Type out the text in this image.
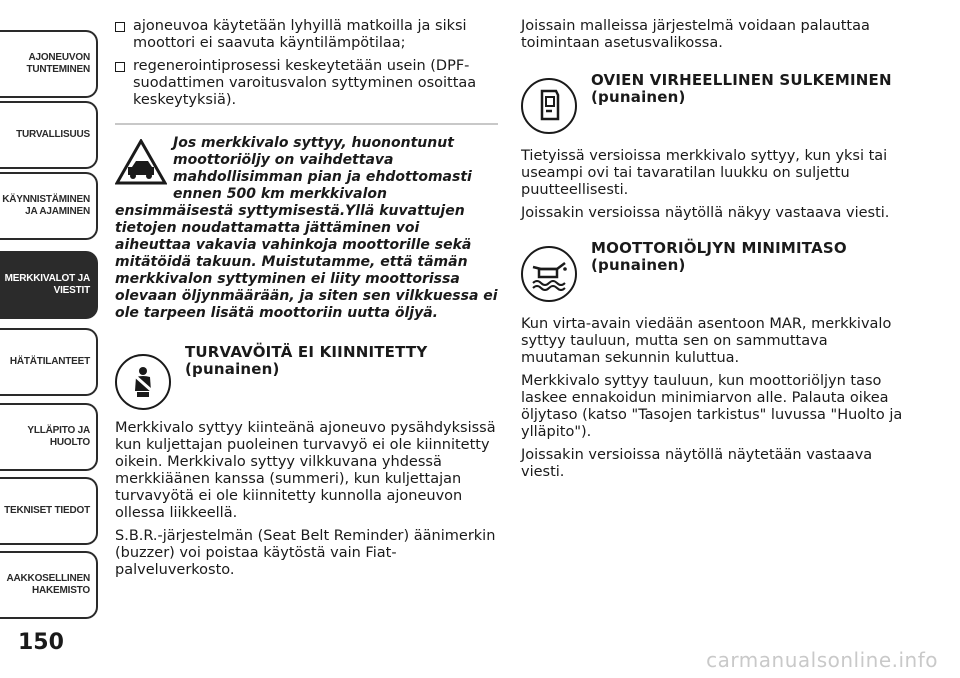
AJONEUVON
TUNTEMINEN
TURVALLISUUS
KÄYNNISTÄMINEN
JA AJAMINEN
MERKKIVALOT JA
VIESTIT
HÄTÄTILANTEET
YLLÄPITO JA HUOLTO
TEKNISET TIEDOT
AAKKOSELLINEN
HAKEMISTO
150
ajoneuvoa käytetään lyhyillä matkoilla ja siksi moottori ei saavuta käyntilämpötilaa;
regenerointiprosessi keskeytetään usein (DPF-suodattimen varoitusvalon syttyminen osoittaa keskeytyksiä).
Jos merkkivalo syttyy, huonontunut moottoriöljy on vaihdettava mahdollisimman pian ja ehdottomasti ennen 500 km merkkivalon ensimmäisestä syttymisestä.Yllä kuvattujen tietojen noudattamatta jättäminen voi aiheuttaa vakavia vahinkoja moottorille sekä mitätöidä takuun. Muistutamme, että tämän merkkivalon syttyminen ei liity moottorissa olevaan öljynmäärään, ja siten sen vilkkuessa ei ole tarpeen lisätä moottoriin uutta öljyä.
TURVAVÖITÄ EI KIINNITETTY (punainen)

Merkkivalo syttyy kiinteänä ajoneuvo pysähdyksissä kun kuljettajan puoleinen turvavyö ei ole kiinnitetty oikein. Merkkivalo syttyy vilkkuvana yhdessä merkkiäänen kanssa (summeri), kun kuljettajan turvavyötä ei ole kiinnitetty kunnolla ajoneuvon ollessa liikkeellä.

S.B.R.-järjestelmän (Seat Belt Reminder) äänimerkin (buzzer) voi poistaa käytöstä vain Fiat-palveluverkosto.

Joissain malleissa järjestelmä voidaan palauttaa toimintaan asetusvalikossa.

OVIEN VIRHEELLINEN SULKEMINEN (punainen)

Tietyissä versioissa merkkivalo syttyy, kun yksi tai useampi ovi tai tavaratilan luukku on suljettu puutteellisesti.

Joissakin versioissa näytöllä näkyy vastaava viesti.

MOOTTORIÖLJYN MINIMITASO (punainen)

Kun virta-avain viedään asentoon MAR, merkkivalo syttyy tauluun, mutta sen on sammuttava muutaman sekunnin kuluttua.

Merkkivalo syttyy tauluun, kun moottoriöljyn taso laskee ennakoidun minimiarvon alle. Palauta oikea öljytaso (katso "Tasojen tarkistus" luvussa "Huolto ja ylläpito").

Joissakin versioissa näytöllä näytetään vastaava viesti.

carmanualsonline.info
